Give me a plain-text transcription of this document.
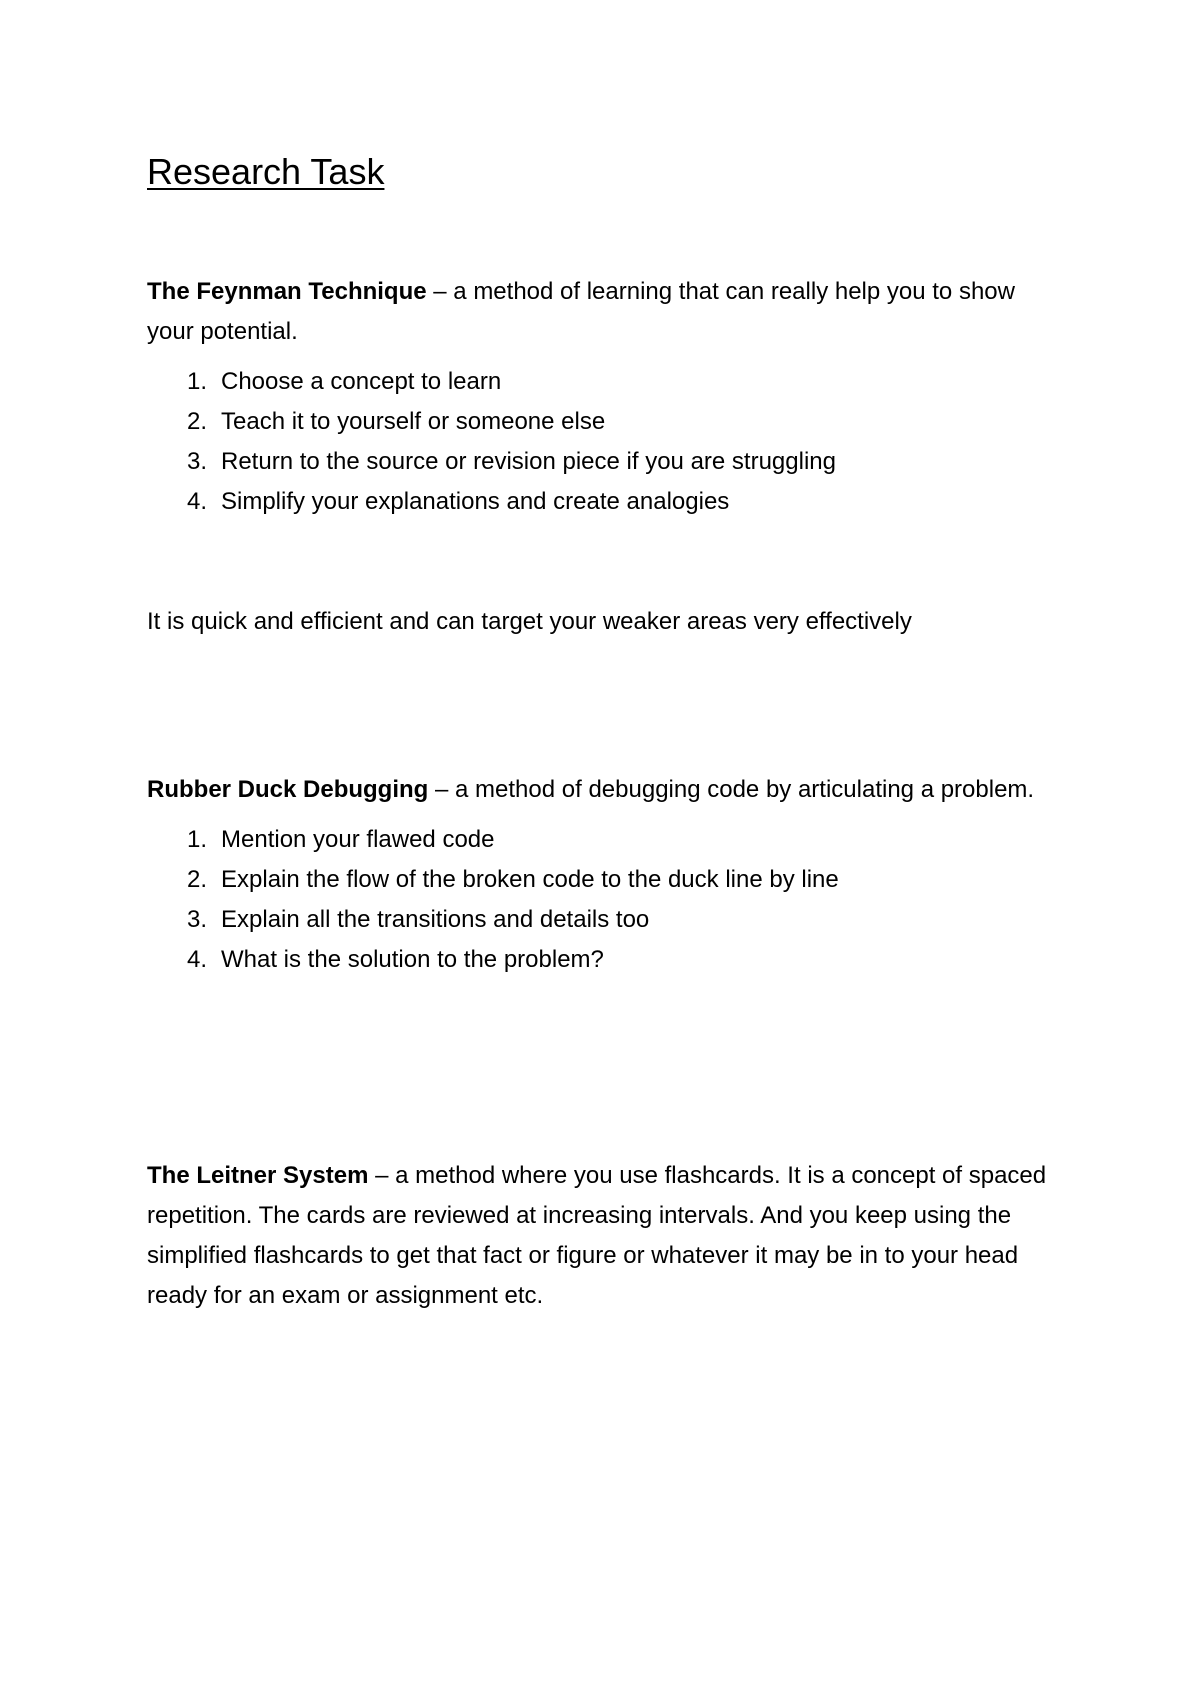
Research Task

The Feynman Technique – a method of learning that can really help you to show your potential.

1. Choose a concept to learn
2. Teach it to yourself or someone else
3. Return to the source or revision piece if you are struggling
4. Simplify your explanations and create analogies

It is quick and efficient and can target your weaker areas very effectively

Rubber Duck Debugging – a method of debugging code by articulating a problem.

1. Mention your flawed code
2. Explain the flow of the broken code to the duck line by line
3. Explain all the transitions and details too
4. What is the solution to the problem?

The Leitner System – a method where you use flashcards. It is a concept of spaced repetition. The cards are reviewed at increasing intervals. And you keep using the simplified flashcards to get that fact or figure or whatever it may be in to your head ready for an exam or assignment etc.
